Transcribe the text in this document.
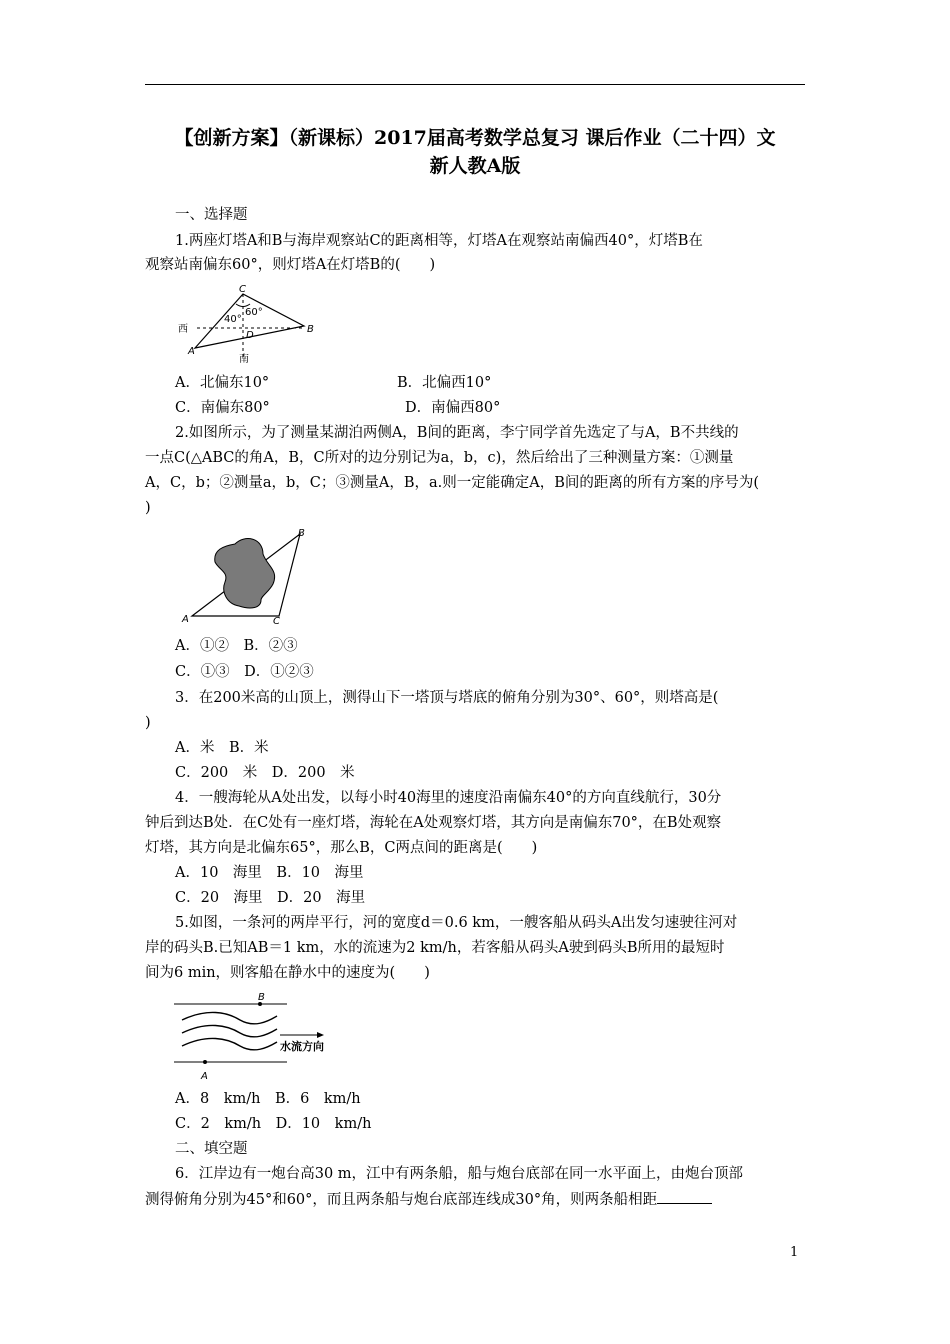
【创新方案】（新课标）2017届高考数学总复习 课后作业（二十四）文
新人教A版
一、选择题
1.两座灯塔A和B与海岸观察站C的距离相等，灯塔A在观察站南偏西40°，灯塔B在
观察站南偏东60°，则灯塔A在灯塔B的(　　)
C
B
A
D
西
南
40°
60°
A．北偏东10°	B．北偏西10°
C．南偏东80°	D．南偏西80°
2.如图所示，为了测量某湖泊两侧A，B间的距离，李宁同学首先选定了与A，B不共线的
一点C(△ABC的角A，B，C所对的边分别记为a，b，c)，然后给出了三种测量方案：①测量
A，C，b；②测量a，b，C；③测量A，B，a.则一定能确定A，B间的距离的所有方案的序号为(
)
A
B
C
A．①②　B．②③
C．①③　D．①②③
3．在200米高的山顶上，测得山下一塔顶与塔底的俯角分别为30°、60°，则塔高是(
)
A．米　B．米
C．200　米　D．200　米
4．一艘海轮从A处出发，以每小时40海里的速度沿南偏东40°的方向直线航行，30分
钟后到达B处．在C处有一座灯塔，海轮在A处观察灯塔，其方向是南偏东70°，在B处观察
灯塔，其方向是北偏东65°，那么B，C两点间的距离是(　　)
A．10　海里　B．10　海里
C．20　海里　D．20　海里
5.如图，一条河的两岸平行，河的宽度d＝0.6 km，一艘客船从码头A出发匀速驶往河对
岸的码头B.已知AB＝1 km，水的流速为2 km/h，若客船从码头A驶到码头B所用的最短时
间为6 min，则客船在静水中的速度为(　　)
B
A
水流方向
A．8　km/h　B．6　km/h
C．2　km/h　D．10　km/h
二、填空题
6．江岸边有一炮台高30 m，江中有两条船，船与炮台底部在同一水平面上，由炮台顶部
测得俯角分别为45°和60°，而且两条船与炮台底部连线成30°角，则两条船相距
1
